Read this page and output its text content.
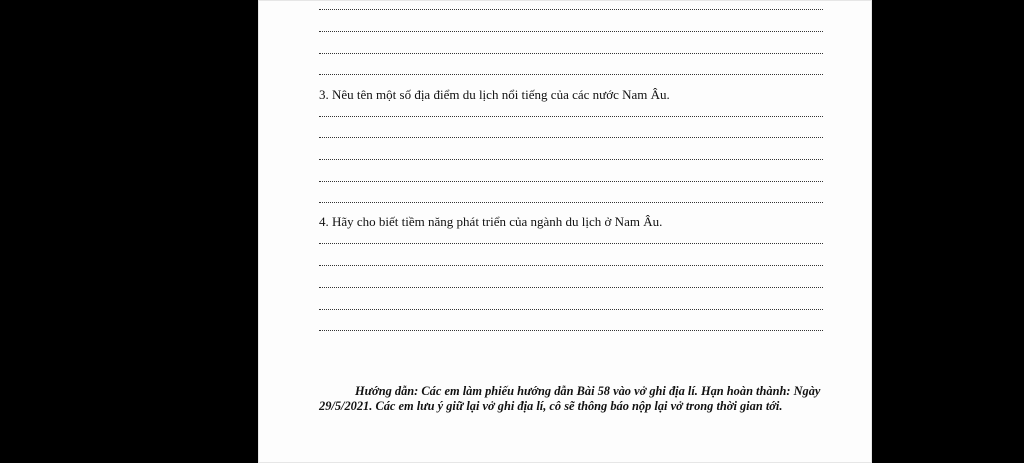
3. Nêu tên một số địa điểm du lịch nổi tiếng của các nước Nam Âu.

4. Hãy cho biết tiềm năng phát triển của ngành du lịch ở Nam Âu.

Hướng dẫn: Các em làm phiếu hướng dẫn Bài 58 vào vở ghi địa lí. Hạn hoàn thành: Ngày 29/5/2021. Các em lưu ý giữ lại vở ghi địa lí, cô sẽ thông báo nộp lại vở trong thời gian tới.
